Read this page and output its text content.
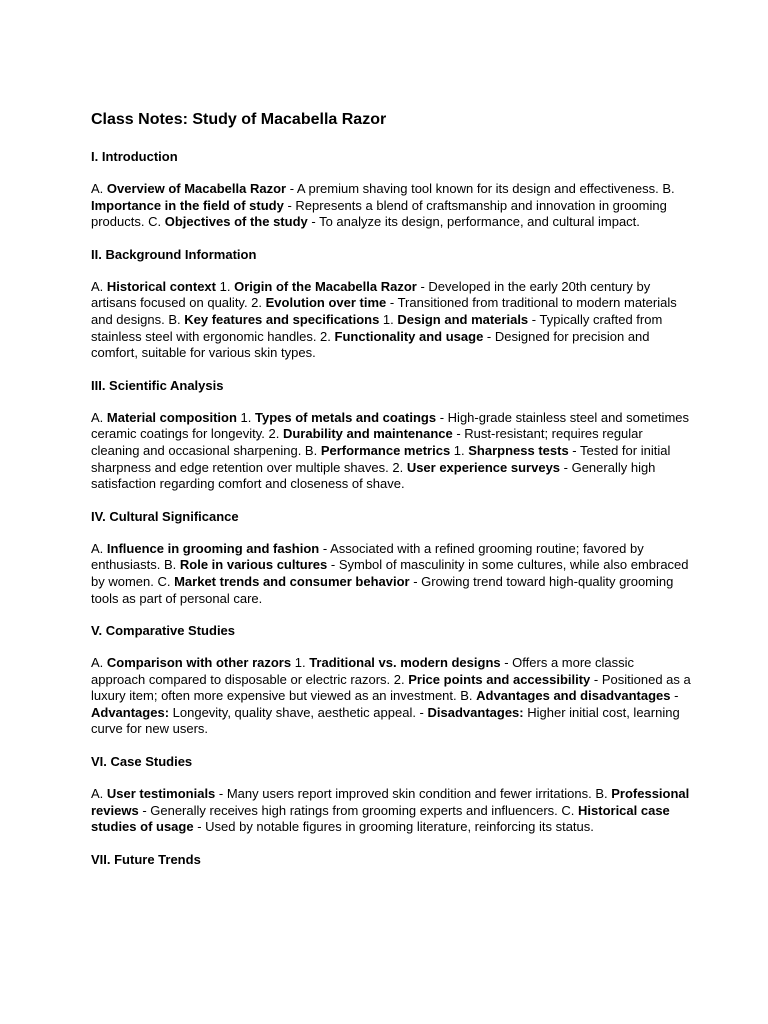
Class Notes: Study of Macabella Razor
I. Introduction

A. Overview of Macabella Razor - A premium shaving tool known for its design and effectiveness. B. Importance in the field of study - Represents a blend of craftsmanship and innovation in grooming products. C. Objectives of the study - To analyze its design, performance, and cultural impact.

II. Background Information

A. Historical context 1. Origin of the Macabella Razor - Developed in the early 20th century by artisans focused on quality. 2. Evolution over time - Transitioned from traditional to modern materials and designs. B. Key features and specifications 1. Design and materials - Typically crafted from stainless steel with ergonomic handles. 2. Functionality and usage - Designed for precision and comfort, suitable for various skin types.

III. Scientific Analysis

A. Material composition 1. Types of metals and coatings - High-grade stainless steel and sometimes ceramic coatings for longevity. 2. Durability and maintenance - Rust-resistant; requires regular cleaning and occasional sharpening. B. Performance metrics 1. Sharpness tests - Tested for initial sharpness and edge retention over multiple shaves. 2. User experience surveys - Generally high satisfaction regarding comfort and closeness of shave.

IV. Cultural Significance

A. Influence in grooming and fashion - Associated with a refined grooming routine; favored by enthusiasts. B. Role in various cultures - Symbol of masculinity in some cultures, while also embraced by women. C. Market trends and consumer behavior - Growing trend toward high-quality grooming tools as part of personal care.

V. Comparative Studies

A. Comparison with other razors 1. Traditional vs. modern designs - Offers a more classic approach compared to disposable or electric razors. 2. Price points and accessibility - Positioned as a luxury item; often more expensive but viewed as an investment. B. Advantages and disadvantages - Advantages: Longevity, quality shave, aesthetic appeal. - Disadvantages: Higher initial cost, learning curve for new users.

VI. Case Studies

A. User testimonials - Many users report improved skin condition and fewer irritations. B. Professional reviews - Generally receives high ratings from grooming experts and influencers. C. Historical case studies of usage - Used by notable figures in grooming literature, reinforcing its status.

VII. Future Trends
